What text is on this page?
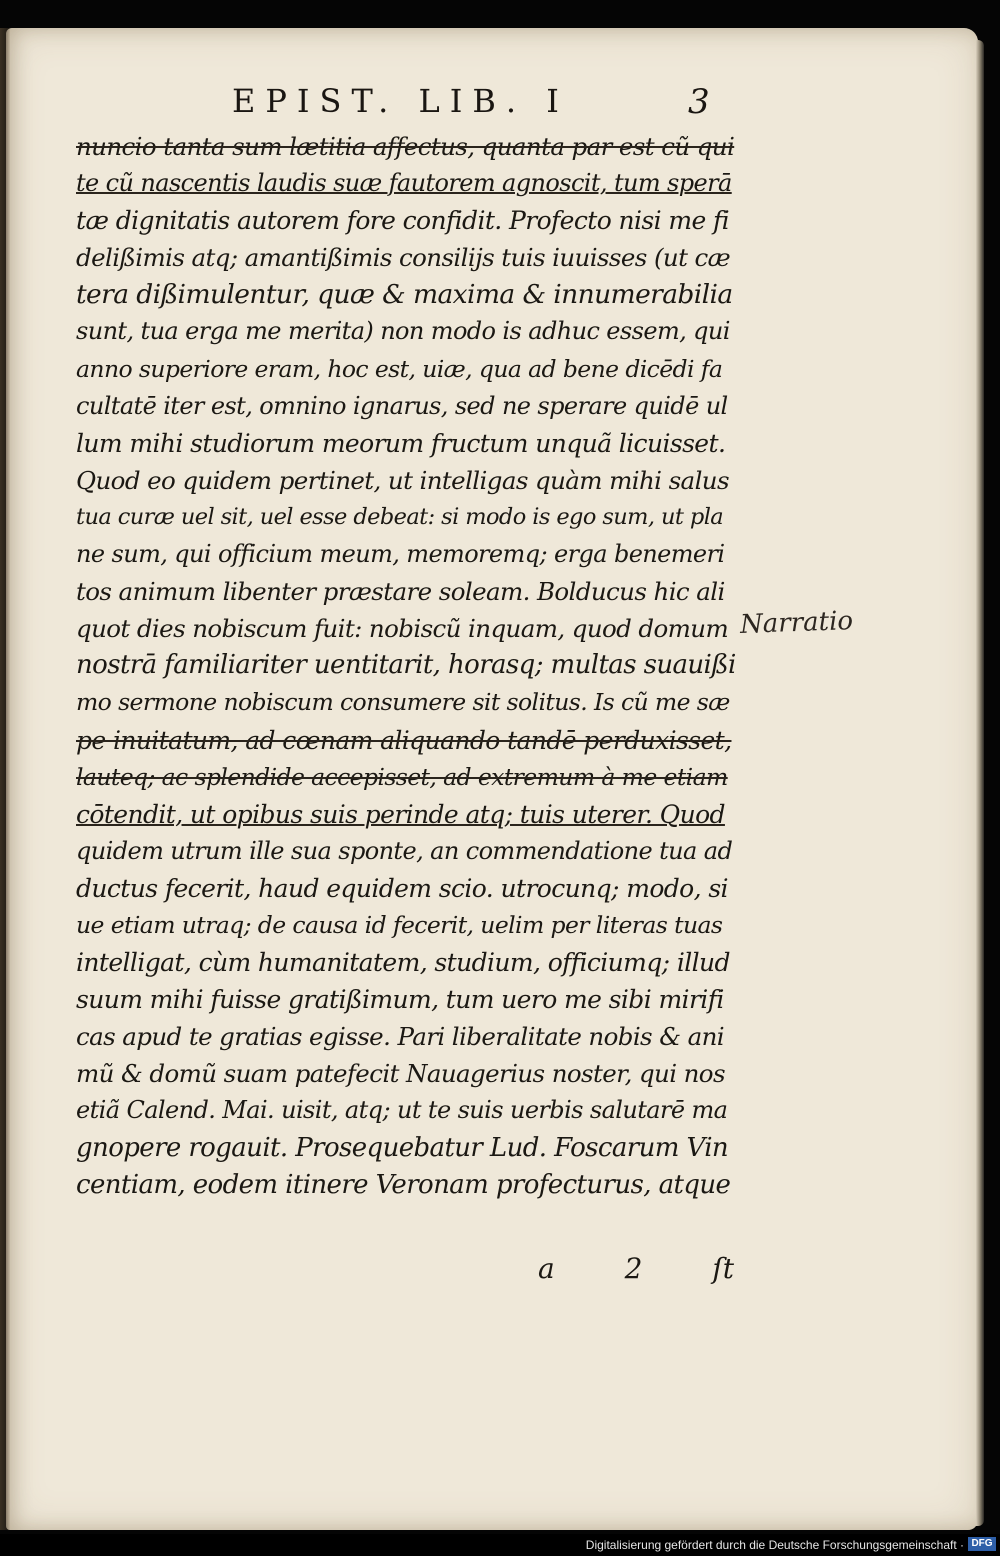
EPIST. LIB. I	3
nuncio tanta sum lætitia affectus, quanta par est cũ qui
te cũ nascentis laudis suæ fautorem agnoscit, tum sperā
tæ dignitatis autorem fore confidit. Profecto nisi me fi
delißimis atq; amantißimis consilijs tuis iuuisses (ut cæ
tera dißimulentur, quæ & maxima & innumerabilia
sunt, tua erga me merita) non modo is adhuc essem, qui
anno superiore eram, hoc est, uiæ, qua ad bene dicēdi fa
cultatē iter est, omnino ignarus, sed ne sperare quidē ul
lum mihi studiorum meorum fructum unquã licuisset.
Quod eo quidem pertinet, ut intelligas quàm mihi salus
tua curæ uel sit, uel esse debeat: si modo is ego sum, ut pla
ne sum, qui officium meum, memoremq; erga benemeri
tos animum libenter præstare soleam. Bolducus hic ali
quot dies nobiscum fuit: nobiscũ inquam, quod domum
nostrā familiariter uentitarit, horasq; multas suauißi
mo sermone nobiscum consumere sit solitus. Is cũ me sæ
pe inuitatum, ad cœnam aliquando tandē perduxisset,
lauteq; ac splendide accepisset, ad extremum à me etiam
cōtendit, ut opibus suis perinde atq; tuis uterer. Quod
quidem utrum ille sua sponte, an commendatione tua ad
ductus fecerit, haud equidem scio. utrocunq; modo, si
ue etiam utraq; de causa id fecerit, uelim per literas tuas
intelligat, cùm humanitatem, studium, officiumq; illud
suum mihi fuisse gratißimum, tum uero me sibi mirifi
cas apud te gratias egisse. Pari liberalitate nobis & ani
mũ & domũ suam patefecit Nauagerius noster, qui nos
etiã Calend. Mai. uisit, atq; ut te suis uerbis salutarē ma
gnopere rogauit. Prosequebatur Lud. Foscarum Vin
centiam, eodem itinere Veronam profecturus, atque
a 2 ſt
Narratio
Digitalisierung gefördert durch die Deutsche Forschungsgemeinschaft · DFG
